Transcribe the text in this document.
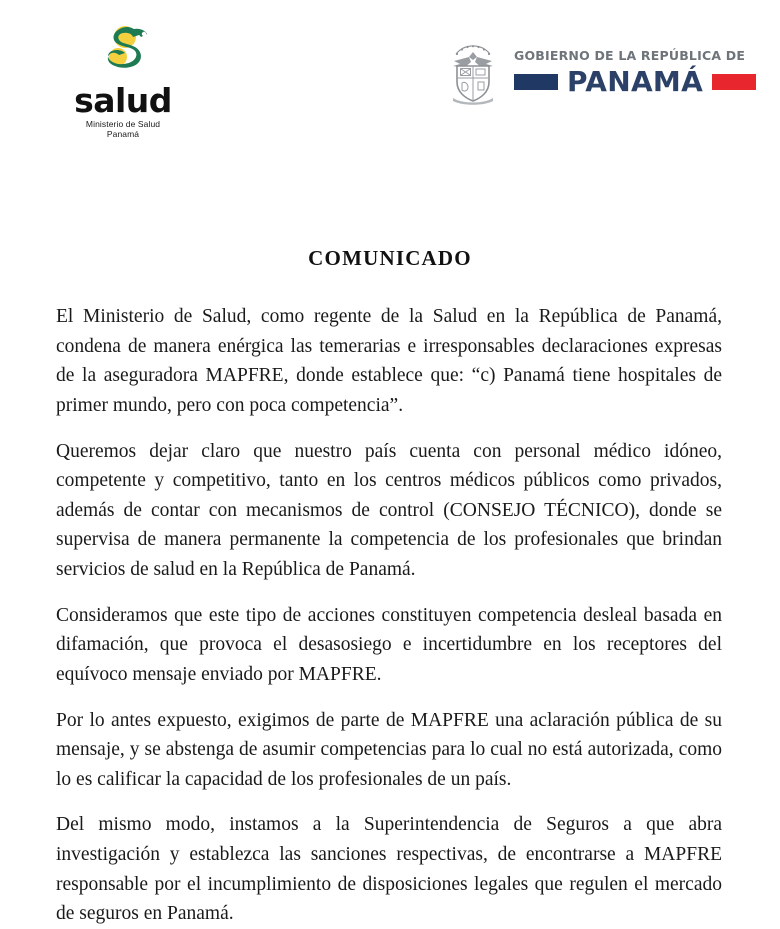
salud
Ministerio de Salud
Panamá
GOBIERNO DE LA REPÚBLICA DE
PANAMÁ
COMUNICADO

El Ministerio de Salud, como regente de la Salud en la República de Panamá, condena de manera enérgica las temerarias e irresponsables declaraciones expresas de la aseguradora MAPFRE, donde establece que: “c) Panamá tiene hospitales de primer mundo, pero con poca competencia”.

Queremos dejar claro que nuestro país cuenta con personal médico idóneo, competente y competitivo, tanto en los centros médicos públicos como privados, además de contar con mecanismos de control (CONSEJO TÉCNICO), donde se supervisa de manera permanente la competencia de los profesionales que brindan servicios de salud en la República de Panamá.

Consideramos que este tipo de acciones constituyen competencia desleal basada en difamación, que provoca el desasosiego e incertidumbre en los receptores del equívoco mensaje enviado por MAPFRE.

Por lo antes expuesto, exigimos de parte de MAPFRE una aclaración pública de su mensaje, y se abstenga de asumir competencias para lo cual no está autorizada, como lo es calificar la capacidad de los profesionales de un país.

Del mismo modo, instamos a la Superintendencia de Seguros a que abra investigación y establezca las sanciones respectivas, de encontrarse a MAPFRE responsable por el incumplimiento de disposiciones legales que regulen el mercado de seguros en Panamá.
